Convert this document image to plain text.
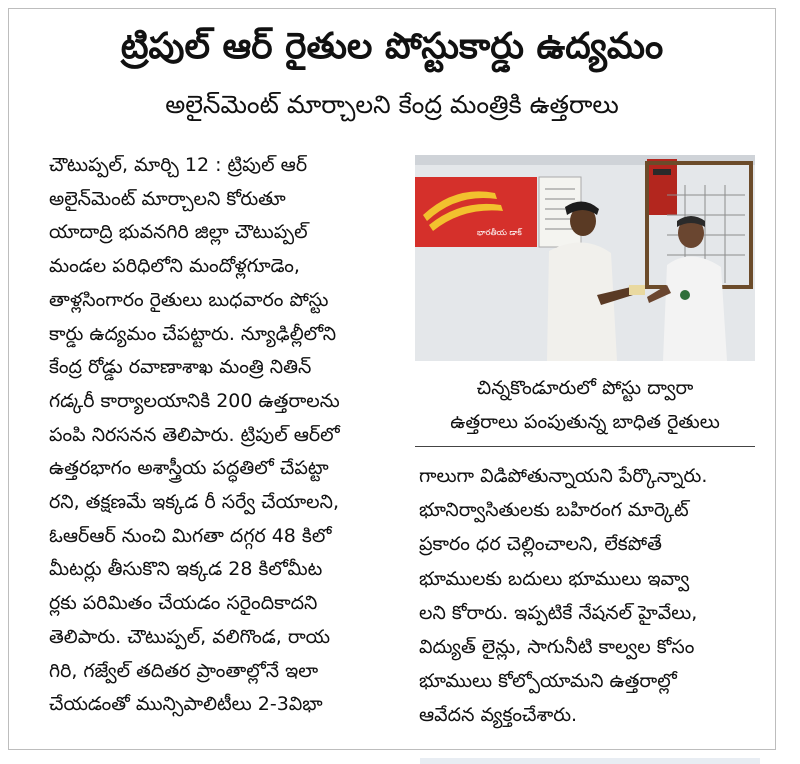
ట్రిపుల్ ఆర్ రైతుల పోస్టుకార్డు ఉద్యమం
అలైన్‌మెంట్ మార్చాలని కేంద్ర మంత్రికి ఉత్తరాలు
చౌటుప్పల్, మార్చి 12 : ట్రిపుల్ ఆర్
అలైన్‌మెంట్ మార్చాలని కోరుతూ
యాదాద్రి భువనగిరి జిల్లా చౌటుప్పల్
మండల పరిధిలోని మందోళ్లగూడెం,
తాళ్లసింగారం రైతులు బుధవారం పోస్టు
కార్డు ఉద్యమం చేపట్టారు. న్యూఢిల్లీలోని
కేంద్ర రోడ్డు రవాణాశాఖ మంత్రి నితిన్
గడ్కరీ కార్యాలయానికి 200 ఉత్తరాలను
పంపి నిరసనన తెలిపారు. ట్రిపుల్ ఆర్‌లో
ఉత్తరభాగం అశాస్త్రీయ పద్ధతిలో చేపట్టా
రని, తక్షణమే ఇక్కడ రీ సర్వే చేయాలని,
ఓఆర్ఆర్ నుంచి మిగతా దగ్గర 48 కిలో
మీటర్లు తీసుకొని ఇక్కడ 28 కిలోమీట
ర్లకు పరిమితం చేయడం సరైందికాదని
తెలిపారు. చౌటుప్పల్, వలిగొండ, రాయ
గిరి, గజ్వేల్ తదితర ప్రాంతాల్లోనే ఇలా
చేయడంతో మున్సిపాలిటీలు 2-3విభా
భారతీయ డాక్
చిన్నకొండూరులో పోస్టు ద్వారా
ఉత్తరాలు పంపుతున్న బాధిత రైతులు
గాలుగా విడిపోతున్నాయని పేర్కొన్నారు.
భూనిర్వాసితులకు బహిరంగ మార్కెట్
ప్రకారం ధర చెల్లించాలని, లేకపోతే
భూములకు బదులు భూములు ఇవ్వా
లని కోరారు. ఇప్పటికే నేషనల్ హైవేలు,
విద్యుత్ లైన్లు, సాగునీటి కాల్వల కోసం
భూములు కోల్పోయామని ఉత్తరాల్లో
ఆవేదన వ్యక్తంచేశారు.
